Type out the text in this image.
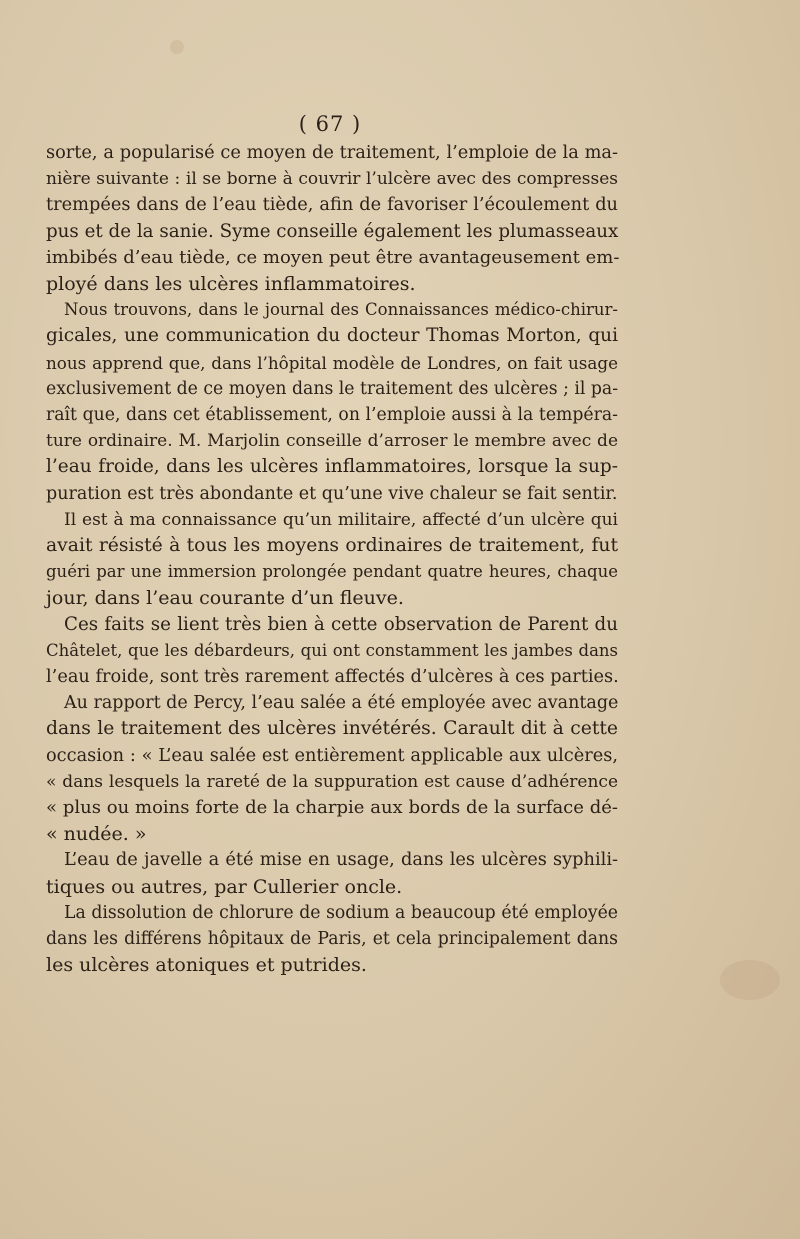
( 67 )
sorte, a popularisé ce moyen de traitement, l’emploie de la ma-
nière suivante : il se borne à couvrir l’ulcère avec des compresses
trempées dans de l’eau tiède, afin de favoriser l’écoulement du
pus et de la sanie. Syme conseille également les plumasseaux
imbibés d’eau tiède, ce moyen peut être avantageusement em-
ployé dans les ulcères inflammatoires.
Nous trouvons, dans le journal des Connaissances médico-chirur-
gicales, une communication du docteur Thomas Morton, qui
nous apprend que, dans l’hôpital modèle de Londres, on fait usage
exclusivement de ce moyen dans le traitement des ulcères ; il pa-
raît que, dans cet établissement, on l’emploie aussi à la tempéra-
ture ordinaire. M. Marjolin conseille d’arroser le membre avec de
l’eau froide, dans les ulcères inflammatoires, lorsque la sup-
puration est très abondante et qu’une vive chaleur se fait sentir.
Il est à ma connaissance qu’un militaire, affecté d’un ulcère qui
avait résisté à tous les moyens ordinaires de traitement, fut
guéri par une immersion prolongée pendant quatre heures, chaque
jour, dans l’eau courante d’un fleuve.
Ces faits se lient très bien à cette observation de Parent du
Châtelet, que les débardeurs, qui ont constamment les jambes dans
l’eau froide, sont très rarement affectés d’ulcères à ces parties.
Au rapport de Percy, l’eau salée a été employée avec avantage
dans le traitement des ulcères invétérés. Carault dit à cette
occasion : « L’eau salée est entièrement applicable aux ulcères,
« dans lesquels la rareté de la suppuration est cause d’adhérence
« plus ou moins forte de la charpie aux bords de la surface dé-
« nudée. »
L’eau de javelle a été mise en usage, dans les ulcères syphili-
tiques ou autres, par Cullerier oncle.
La dissolution de chlorure de sodium a beaucoup été employée
dans les différens hôpitaux de Paris, et cela principalement dans
les ulcères atoniques et putrides.
